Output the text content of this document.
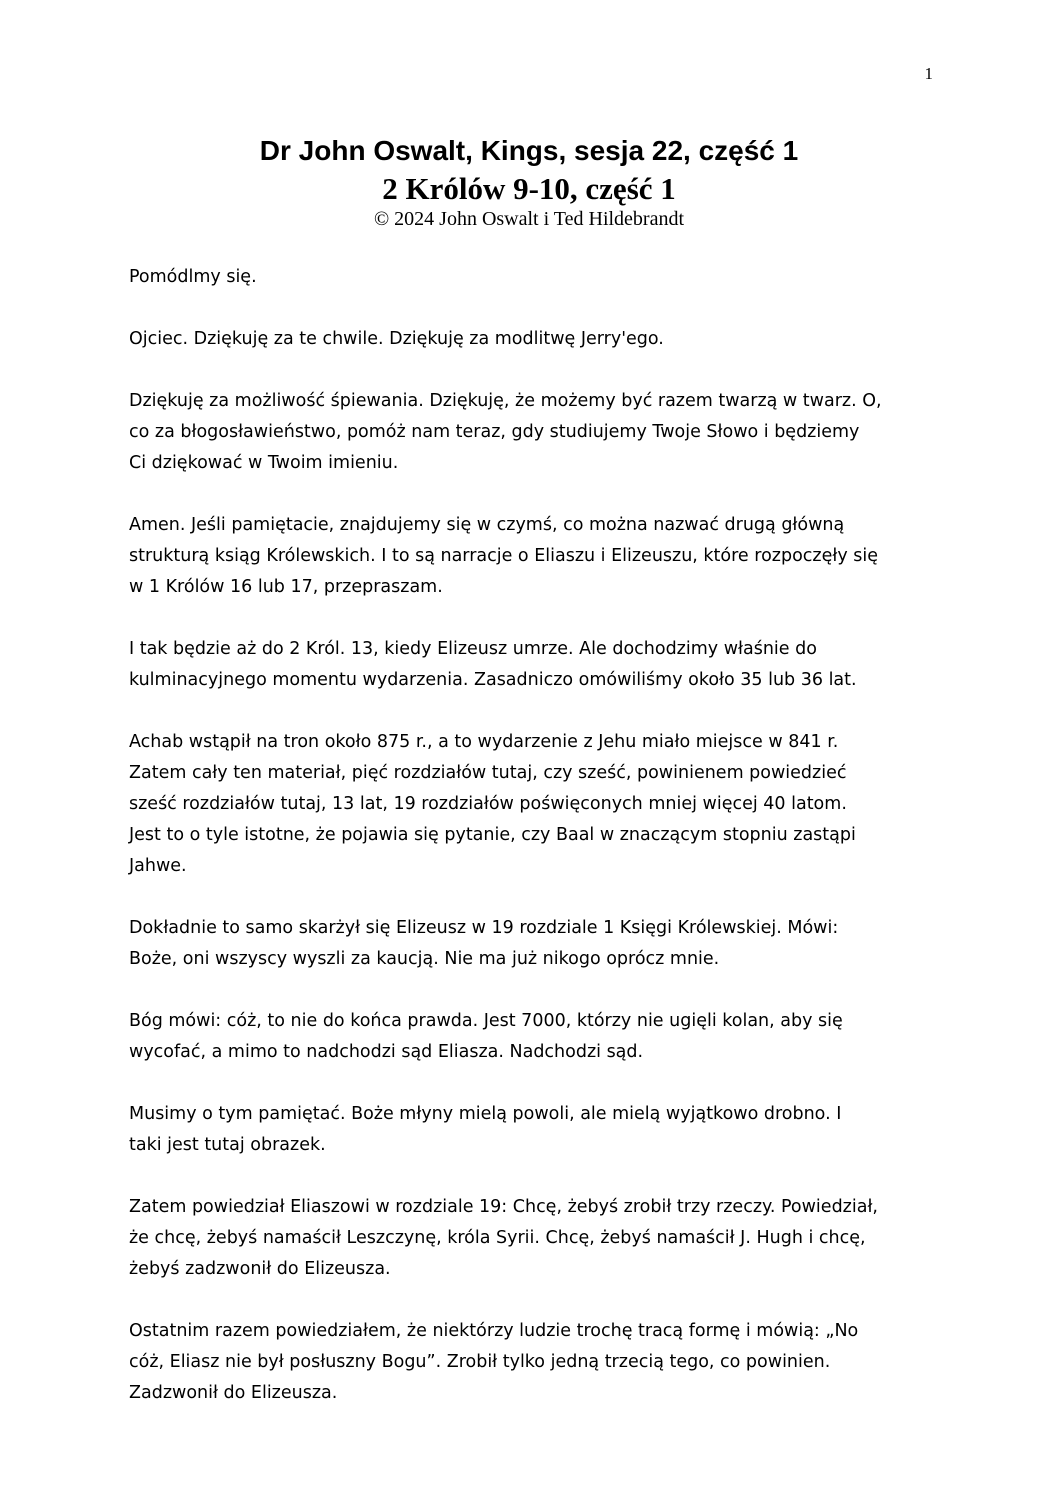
1
Dr John Oswalt, Kings, sesja 22, część 1
2 Królów 9-10, część 1
© 2024 John Oswalt i Ted Hildebrandt

Pomódlmy się.

Ojciec. Dziękuję za te chwile. Dziękuję za modlitwę Jerry'ego.

Dziękuję za możliwość śpiewania. Dziękuję, że możemy być razem twarzą w twarz. O,
co za błogosławieństwo, pomóż nam teraz, gdy studiujemy Twoje Słowo i będziemy
Ci dziękować w Twoim imieniu.

Amen. Jeśli pamiętacie, znajdujemy się w czymś, co można nazwać drugą główną
strukturą ksiąg Królewskich. I to są narracje o Eliaszu i Elizeuszu, które rozpoczęły się
w 1 Królów 16 lub 17, przepraszam.

I tak będzie aż do 2 Król. 13, kiedy Elizeusz umrze. Ale dochodzimy właśnie do
kulminacyjnego momentu wydarzenia. Zasadniczo omówiliśmy około 35 lub 36 lat.

Achab wstąpił na tron około 875 r., a to wydarzenie z Jehu miało miejsce w 841 r.
Zatem cały ten materiał, pięć rozdziałów tutaj, czy sześć, powinienem powiedzieć
sześć rozdziałów tutaj, 13 lat, 19 rozdziałów poświęconych mniej więcej 40 latom.
Jest to o tyle istotne, że pojawia się pytanie, czy Baal w znaczącym stopniu zastąpi
Jahwe.

Dokładnie to samo skarżył się Elizeusz w 19 rozdziale 1 Księgi Królewskiej. Mówi:
Boże, oni wszyscy wyszli za kaucją. Nie ma już nikogo oprócz mnie.

Bóg mówi: cóż, to nie do końca prawda. Jest 7000, którzy nie ugięli kolan, aby się
wycofać, a mimo to nadchodzi sąd Eliasza. Nadchodzi sąd.

Musimy o tym pamiętać. Boże młyny mielą powoli, ale mielą wyjątkowo drobno. I
taki jest tutaj obrazek.

Zatem powiedział Eliaszowi w rozdziale 19: Chcę, żebyś zrobił trzy rzeczy. Powiedział,
że chcę, żebyś namaścił Leszczynę, króla Syrii. Chcę, żebyś namaścił J. Hugh i chcę,
żebyś zadzwonił do Elizeusza.

Ostatnim razem powiedziałem, że niektórzy ludzie trochę tracą formę i mówią: „No
cóż, Eliasz nie był posłuszny Bogu”. Zrobił tylko jedną trzecią tego, co powinien.
Zadzwonił do Elizeusza.
